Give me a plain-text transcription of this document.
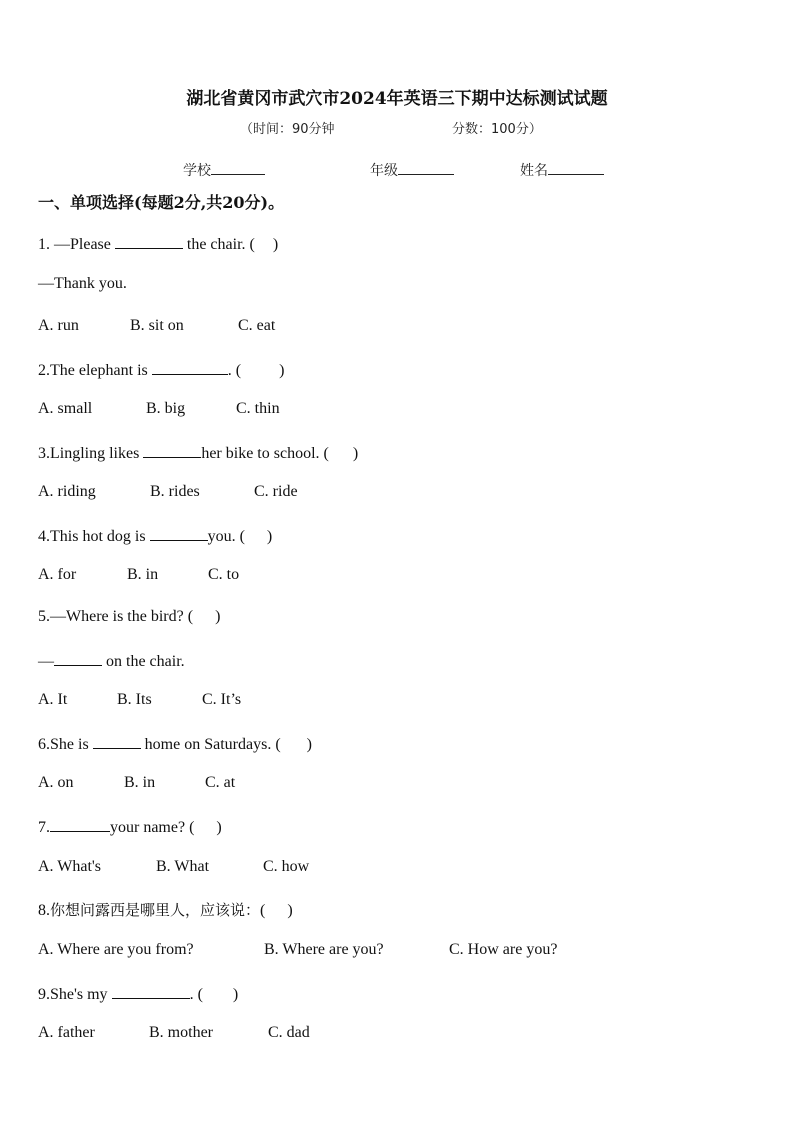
湖北省黄冈市武穴市2024年英语三下期中达标测试试题
（时间：90分钟	分数：100分）
学校	年级	姓名
一、单项选择(每题2分,共20分)。
1. —Please	the chair. ( )
—Thank you.
A. run	B. sit on	C. eat
2.The elephant is	. ( )
A. small	B. big	C. thin
3.Lingling likes	her bike to school. ( )
A. riding	B. rides	C. ride
4.This hot dog is	you. ( )
A. for	B. in	C. to
5.—Where is the bird? ( )
—	on the chair.
A. It	B. Its	C. It’s
6.She is	home on Saturdays. ( )
A. on	B. in	C. at
7.	your name? ( )
A. What's	B. What	C. how
8.你想问露西是哪里人，应该说：( )
A. Where are you from?	B. Where are you?	C. How are you?
9.She's my	. ( )
A. father	B. mother	C. dad
